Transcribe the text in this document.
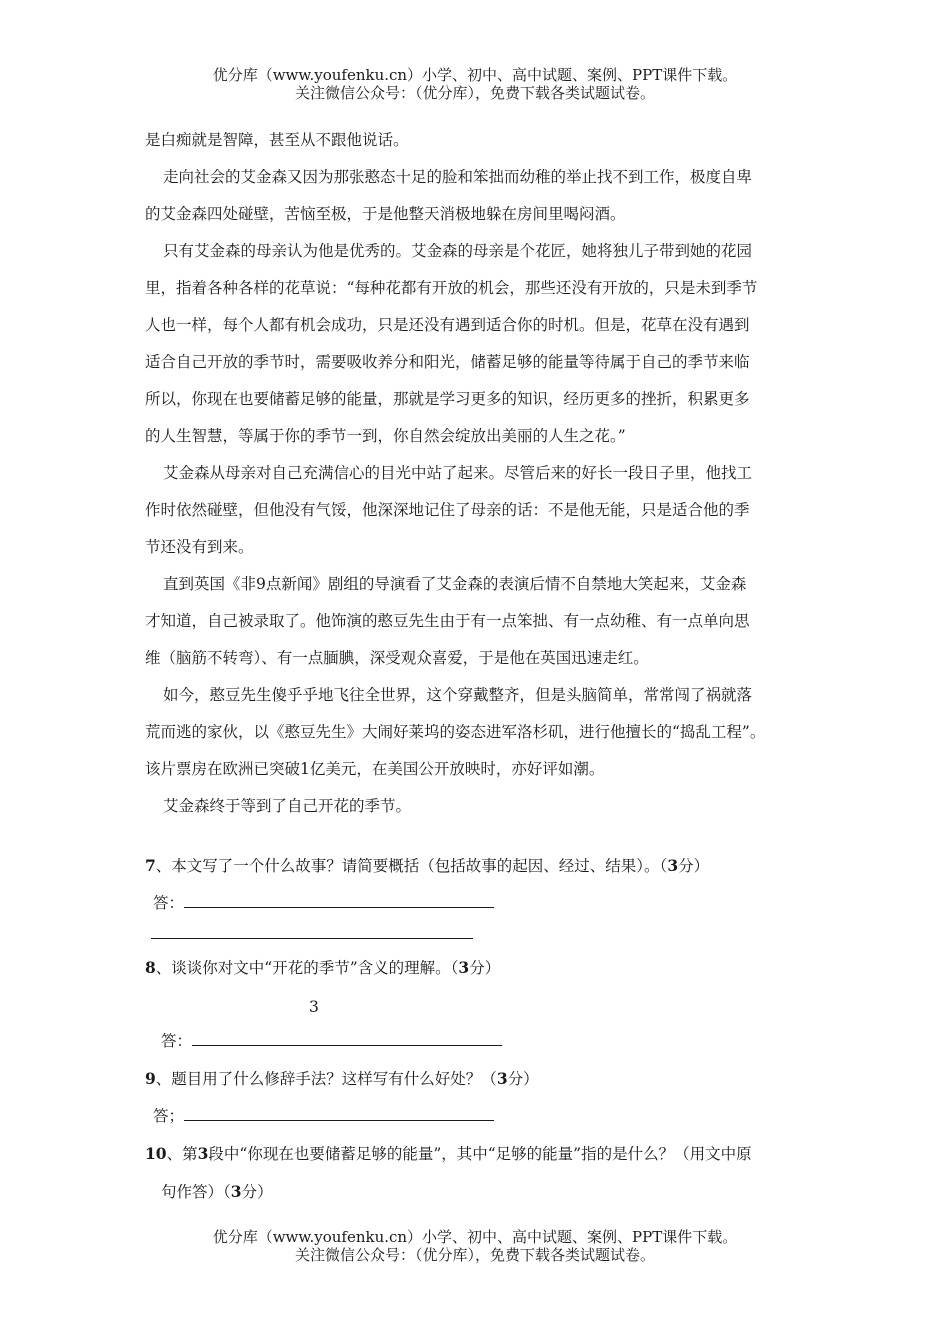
优分库（www.youfenku.cn）小学、初中、高中试题、案例、PPT课件下载。
关注微信公众号：（优分库），免费下载各类试题试卷。

是白痴就是智障，甚至从不跟他说话。

走向社会的艾金森又因为那张憨态十足的脸和笨拙而幼稚的举止找不到工作，极度自卑
的艾金森四处碰壁，苦恼至极，于是他整天消极地躲在房间里喝闷酒。

只有艾金森的母亲认为他是优秀的。艾金森的母亲是个花匠，她将独儿子带到她的花园
里，指着各种各样的花草说：“每种花都有开放的机会，那些还没有开放的，只是未到季节
人也一样，每个人都有机会成功，只是还没有遇到适合你的时机。但是，花草在没有遇到
适合自己开放的季节时，需要吸收养分和阳光，储蓄足够的能量等待属于自己的季节来临
所以，你现在也要储蓄足够的能量，那就是学习更多的知识，经历更多的挫折，积累更多
的人生智慧，等属于你的季节一到，你自然会绽放出美丽的人生之花。”

艾金森从母亲对自己充满信心的目光中站了起来。尽管后来的好长一段日子里，他找工
作时依然碰壁，但他没有气馁，他深深地记住了母亲的话：不是他无能，只是适合他的季
节还没有到来。

直到英国《非9点新闻》剧组的导演看了艾金森的表演后情不自禁地大笑起来，艾金森
才知道，自己被录取了。他饰演的憨豆先生由于有一点笨拙、有一点幼稚、有一点单向思
维（脑筋不转弯）、有一点腼腆，深受观众喜爱，于是他在英国迅速走红。

如今，憨豆先生傻乎乎地飞往全世界，这个穿戴整齐，但是头脑简单，常常闯了祸就落
荒而逃的家伙，以《憨豆先生》大闹好莱坞的姿态进军洛杉矶，进行他擅长的“捣乱工程”。
该片票房在欧洲已突破1亿美元，在美国公开放映时，亦好评如潮。

艾金森终于等到了自己开花的季节。

7、本文写了一个什么故事？请简要概括（包括故事的起因、经过、结果）。（3分）

答：

8、谈谈你对文中“开花的季节”含义的理解。（3分）

3

答：

9、题目用了什么修辞手法？这样写有什么好处？（3分）

答；

10、第3段中“你现在也要储蓄足够的能量”，其中“足够的能量”指的是什么？（用文中原

句作答）（3分）

优分库（www.youfenku.cn）小学、初中、高中试题、案例、PPT课件下载。
关注微信公众号：（优分库），免费下载各类试题试卷。
